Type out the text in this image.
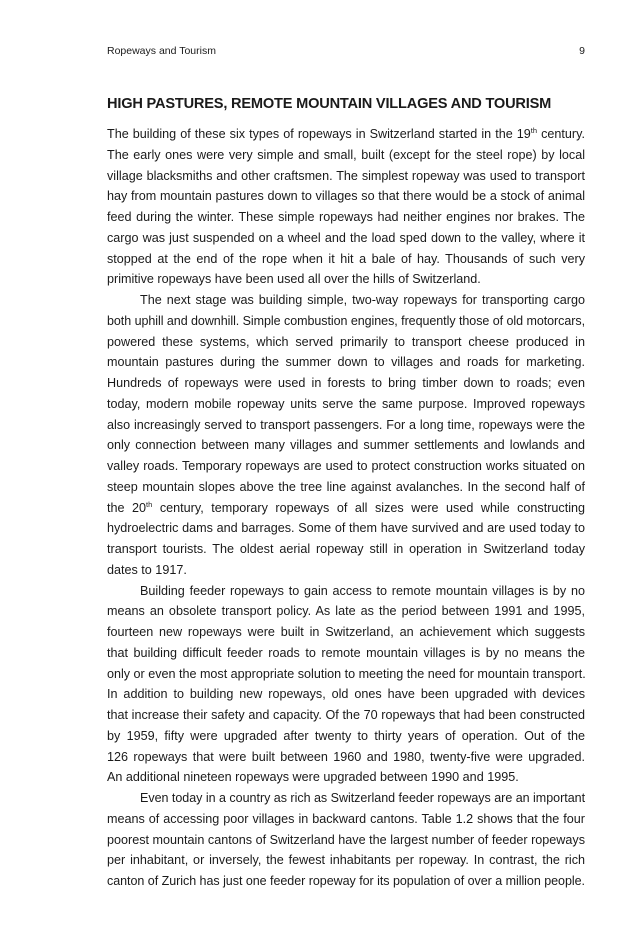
Ropeways and Tourism	9
HIGH PASTURES, REMOTE MOUNTAIN VILLAGES AND TOURISM
The building of these six types of ropeways in Switzerland started in the 19th century.
The early ones were very simple and small, built (except for the steel rope) by local
village blacksmiths and other craftsmen. The simplest ropeway was used to transport
hay from mountain pastures down to villages so that there would be a stock of animal
feed during the winter. These simple ropeways had neither engines nor brakes. The
cargo was just suspended on a wheel and the load sped down to the valley, where it
stopped at the end of the rope when it hit a bale of hay. Thousands of such very
primitive ropeways have been used all over the hills of Switzerland.
The next stage was building simple, two-way ropeways for transporting cargo
both uphill and downhill. Simple combustion engines, frequently those of old motorcars,
powered these systems, which served primarily to transport cheese produced in
mountain pastures during the summer down to villages and roads for marketing.
Hundreds of ropeways were used in forests to bring timber down to roads; even
today, modern mobile ropeway units serve the same purpose. Improved ropeways
also increasingly served to transport passengers. For a long time, ropeways were the
only connection between many villages and summer settlements and lowlands and
valley roads. Temporary ropeways are used to protect construction works situated on
steep mountain slopes above the tree line against avalanches. In the second half of
the 20th century, temporary ropeways of all sizes were used while constructing
hydroelectric dams and barrages. Some of them have survived and are used today to
transport tourists. The oldest aerial ropeway still in operation in Switzerland today
dates to 1917.
Building feeder ropeways to gain access to remote mountain villages is by no
means an obsolete transport policy. As late as the period between 1991 and 1995,
fourteen new ropeways were built in Switzerland, an achievement which suggests
that building difficult feeder roads to remote mountain villages is by no means the
only or even the most appropriate solution to meeting the need for mountain transport.
In addition to building new ropeways, old ones have been upgraded with devices
that increase their safety and capacity. Of the 70 ropeways that had been constructed
by 1959, fifty were upgraded after twenty to thirty years of operation. Out of the
126 ropeways that were built between 1960 and 1980, twenty-five were upgraded.
An additional nineteen ropeways were upgraded between 1990 and 1995.
Even today in a country as rich as Switzerland feeder ropeways are an important
means of accessing poor villages in backward cantons. Table 1.2 shows that the four
poorest mountain cantons of Switzerland have the largest number of feeder ropeways
per inhabitant, or inversely, the fewest inhabitants per ropeway. In contrast, the rich
canton of Zurich has just one feeder ropeway for its population of over a million people.
